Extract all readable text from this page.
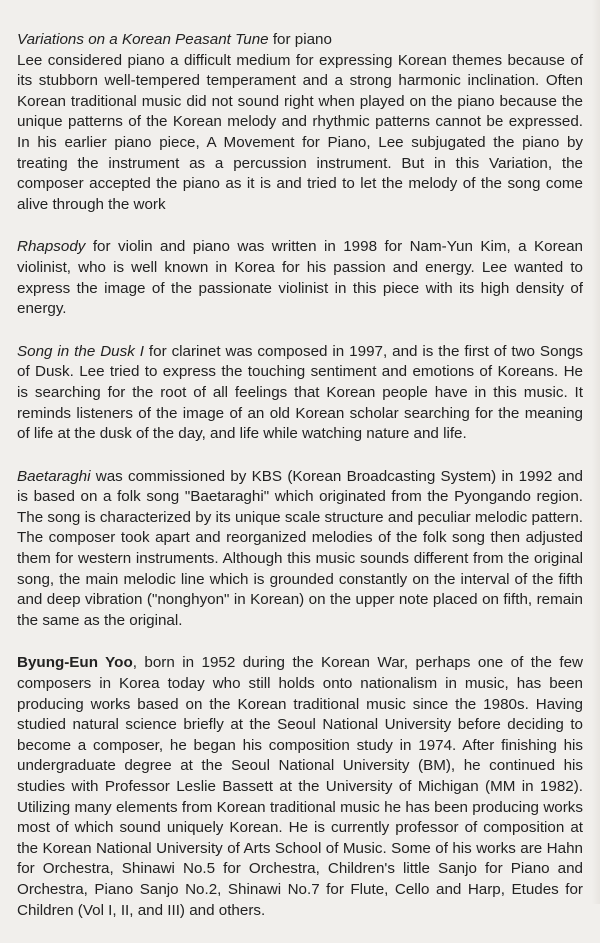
Variations on a Korean Peasant Tune for piano

Lee considered piano a difficult medium for expressing Korean themes because of its stubborn well-tempered temperament and a strong harmonic inclination. Often Korean traditional music did not sound right when played on the piano because the unique patterns of the Korean melody and rhythmic patterns cannot be expressed. In his earlier piano piece, A Movement for Piano, Lee subjugated the piano by treating the instrument as a percussion instrument. But in this Variation, the composer accepted the piano as it is and tried to let the melody of the song come alive through the work

Rhapsody for violin and piano was written in 1998 for Nam-Yun Kim, a Korean violinist, who is well known in Korea for his passion and energy. Lee wanted to express the image of the passionate violinist in this piece with its high density of energy.

Song in the Dusk I for clarinet was composed in 1997, and is the first of two Songs of Dusk. Lee tried to express the touching sentiment and emotions of Koreans. He is searching for the root of all feelings that Korean people have in this music. It reminds listeners of the image of an old Korean scholar searching for the meaning of life at the dusk of the day, and life while watching nature and life.

Baetaraghi was commissioned by KBS (Korean Broadcasting System) in 1992 and is based on a folk song "Baetaraghi" which originated from the Pyongando region. The song is characterized by its unique scale structure and peculiar melodic pattern. The composer took apart and reorganized melodies of the folk song then adjusted them for western instruments. Although this music sounds different from the original song, the main melodic line which is grounded constantly on the interval of the fifth and deep vibration ("nonghyon" in Korean) on the upper note placed on fifth, remain the same as the original.

Byung-Eun Yoo, born in 1952 during the Korean War, perhaps one of the few composers in Korea today who still holds onto nationalism in music, has been producing works based on the Korean traditional music since the 1980s. Having studied natural science briefly at the Seoul National University before deciding to become a composer, he began his composition study in 1974. After finishing his undergraduate degree at the Seoul National University (BM), he continued his studies with Professor Leslie Bassett at the University of Michigan (MM in 1982). Utilizing many elements from Korean traditional music he has been producing works most of which sound uniquely Korean. He is currently professor of composition at the Korean National University of Arts School of Music. Some of his works are Hahn for Orchestra, Shinawi No.5 for Orchestra, Children's little Sanjo for Piano and Orchestra, Piano Sanjo No.2, Shinawi No.7 for Flute, Cello and Harp, Etudes for Children (Vol I, II, and III) and others.
